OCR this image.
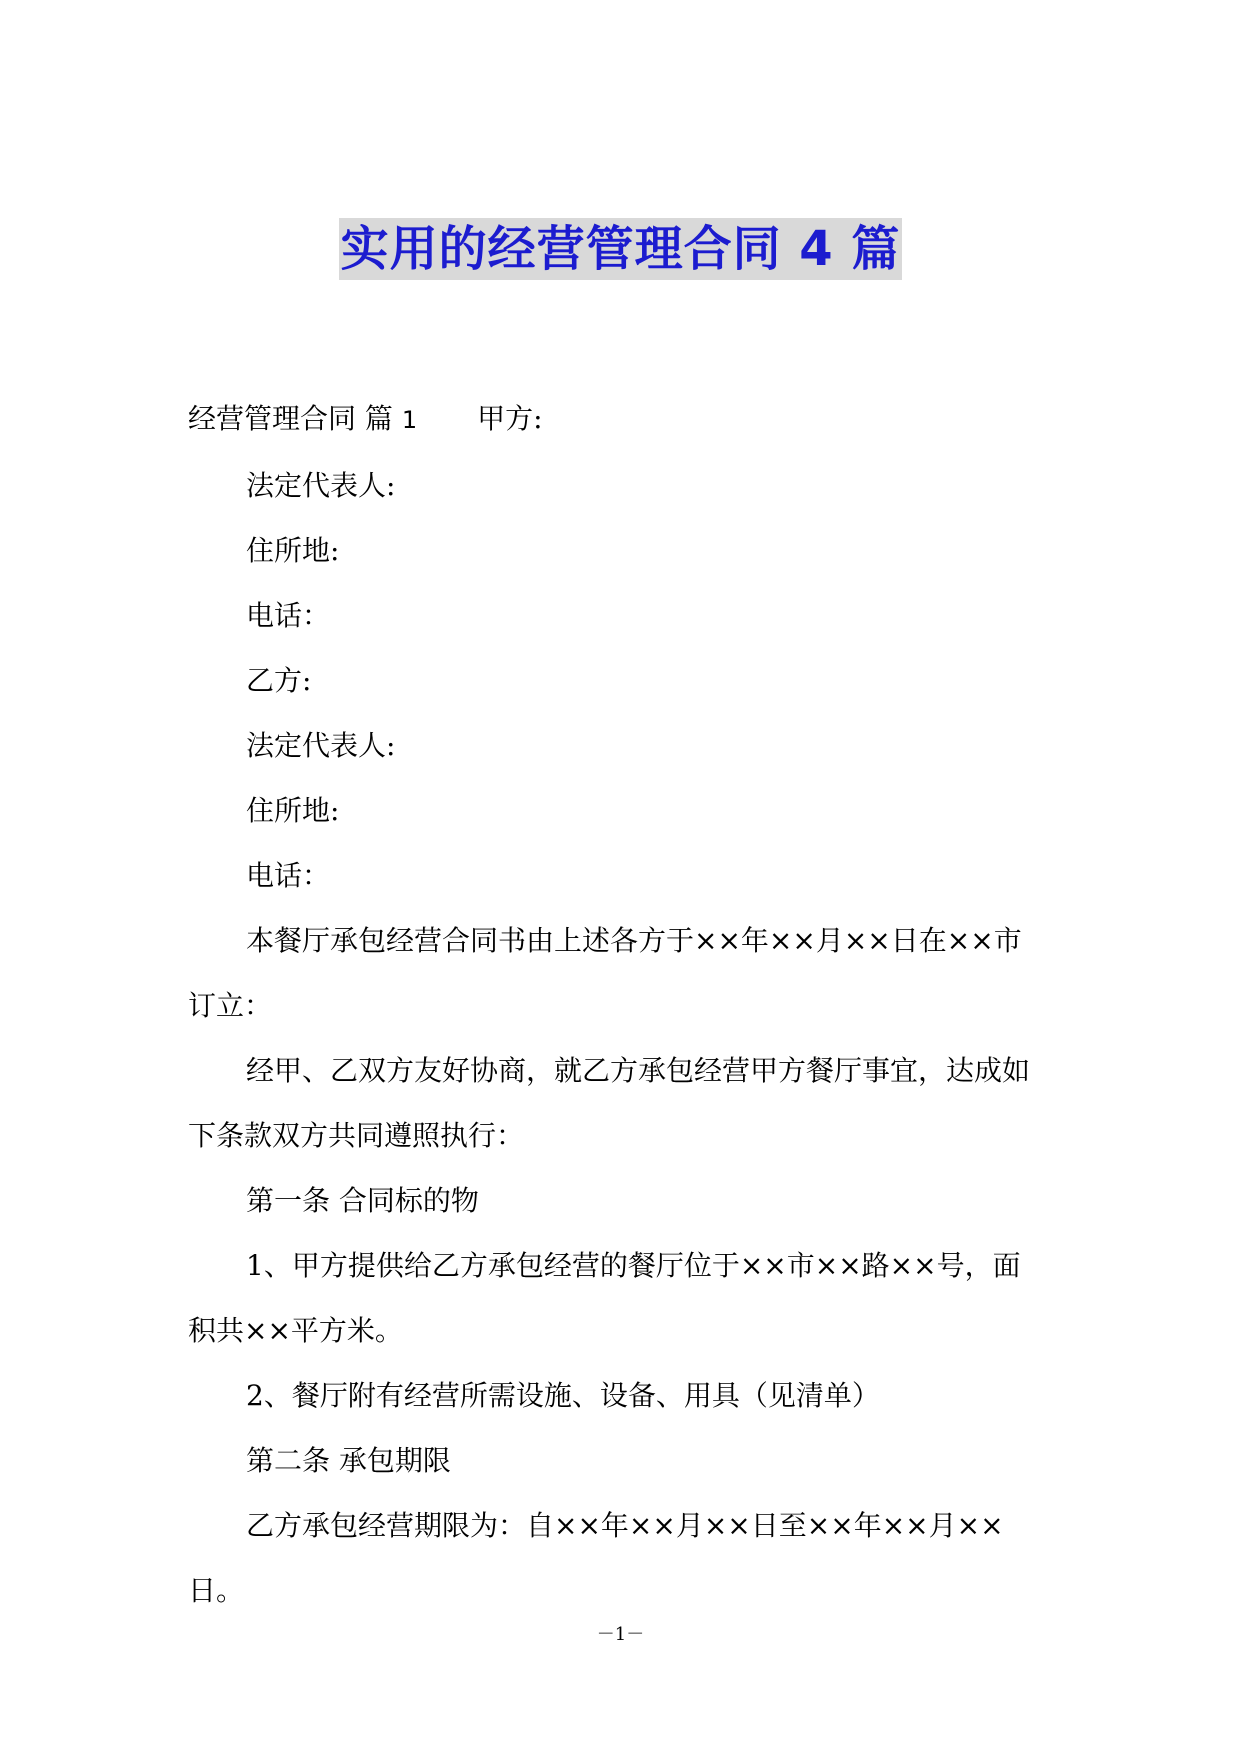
实用的经营管理合同 4 篇

经营管理合同 篇 1 甲方:

法定代表人:

住所地:

电话：

乙方:

法定代表人:

住所地:

电话：

本餐厅承包经营合同书由上述各方于××年××月××日在××市订立：

经甲、乙双方友好协商，就乙方承包经营甲方餐厅事宜，达成如下条款双方共同遵照执行：

第一条 合同标的物

1、甲方提供给乙方承包经营的餐厅位于××市××路××号，面积共××平方米。

2、餐厅附有经营所需设施、设备、用具（见清单）

第二条 承包期限

乙方承包经营期限为：自××年××月××日至××年××月××日。

－1－
